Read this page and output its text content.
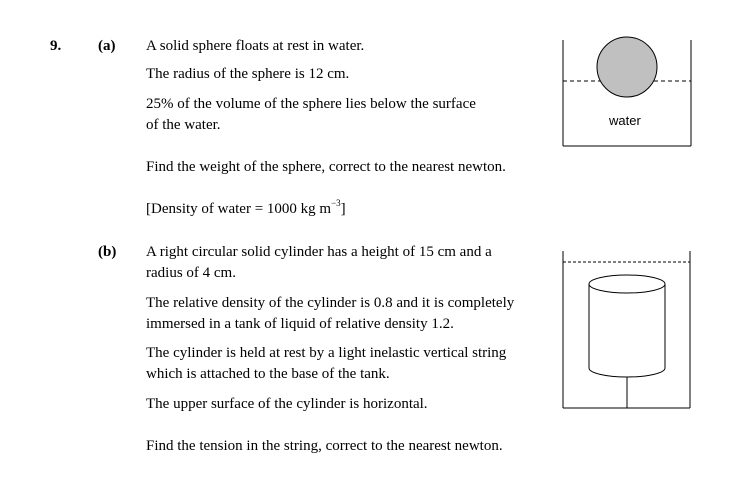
9. (a) A solid sphere floats at rest in water.
The radius of the sphere is 12 cm.
25% of the volume of the sphere lies below the surface
of the water.
Find the weight of the sphere, correct to the nearest newton.
[Density of water = 1000 kg $m^{-3}$]
water
(b) A right circular solid cylinder has a height of 15 cm and a
radius of 4 cm.
The relative density of the cylinder is 0.8 and it is completely
immersed in a tank of liquid of relative density 1.2.
The cylinder is held at rest by a light inelastic vertical string
which is attached to the base of the tank.
The upper surface of the cylinder is horizontal.
Find the tension in the string, correct to the nearest newton.
